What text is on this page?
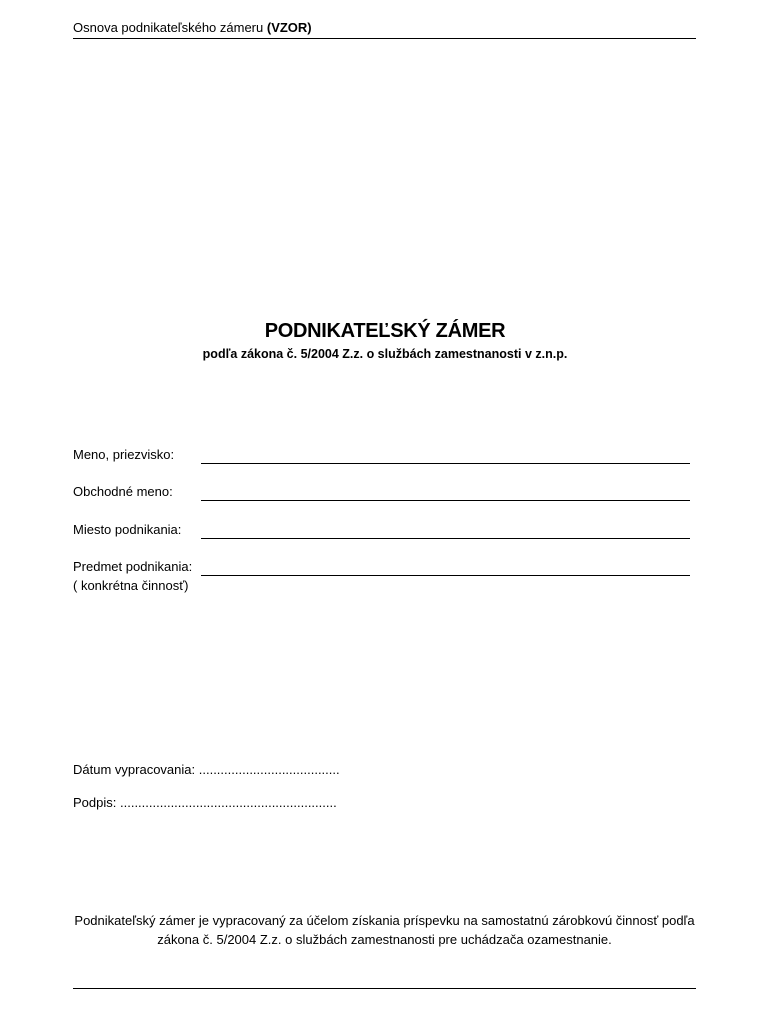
Osnova podnikateľského zámeru (VZOR)
PODNIKATEĽSKÝ ZÁMER
podľa zákona č. 5/2004 Z.z. o službách zamestnanosti v z.n.p.
Meno, priezvisko:
Obchodné meno:
Miesto podnikania:
Predmet podnikania:
( konkrétna činnosť)
Dátum vypracovania: .......................................
Podpis: ............................................................
Podnikateľský zámer je vypracovaný za účelom získania príspevku na samostatnú zárobkovú činnosť podľa
zákona č. 5/2004 Z.z. o službách zamestnanosti pre uchádzača ozamestnanie.
